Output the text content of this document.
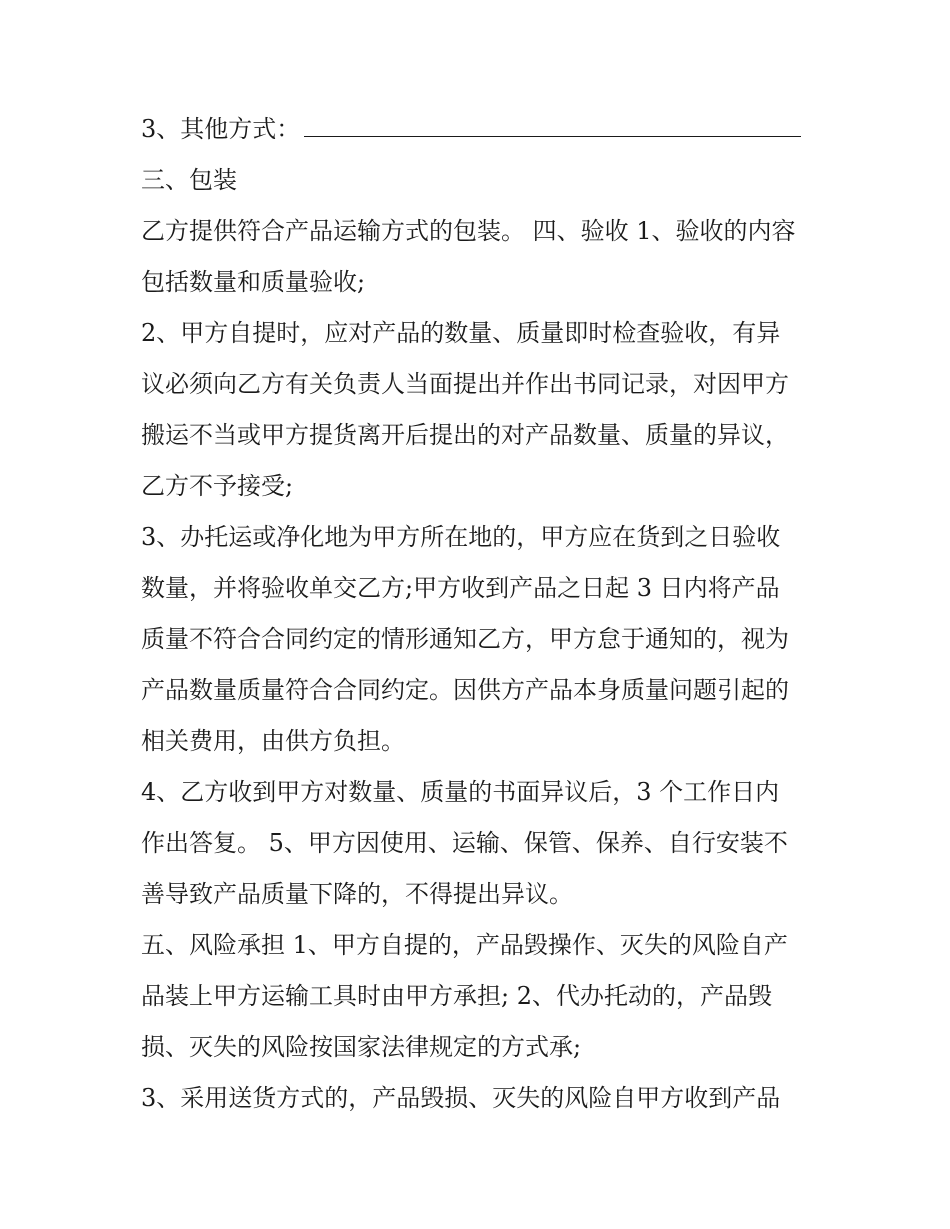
3、其他方式：
三、包装
乙方提供符合产品运输方式的包装。 四、验收 1、验收的内容
包括数量和质量验收;
2、甲方自提时，应对产品的数量、质量即时检查验收，有异
议必须向乙方有关负责人当面提出并作出书同记录，对因甲方
搬运不当或甲方提货离开后提出的对产品数量、质量的异议，
乙方不予接受;
3、办托运或净化地为甲方所在地的，甲方应在货到之日验收
数量，并将验收单交乙方;甲方收到产品之日起 3 日内将产品
质量不符合合同约定的情形通知乙方，甲方怠于通知的，视为
产品数量质量符合合同约定。因供方产品本身质量问题引起的
相关费用，由供方负担。
4、乙方收到甲方对数量、质量的书面异议后，3 个工作日内
作出答复。 5、甲方因使用、运输、保管、保养、自行安装不
善导致产品质量下降的，不得提出异议。
五、风险承担 1、甲方自提的，产品毁操作、灭失的风险自产
品装上甲方运输工具时由甲方承担; 2、代办托动的，产品毁
损、灭失的风险按国家法律规定的方式承;
3、采用送货方式的，产品毁损、灭失的风险自甲方收到产品
